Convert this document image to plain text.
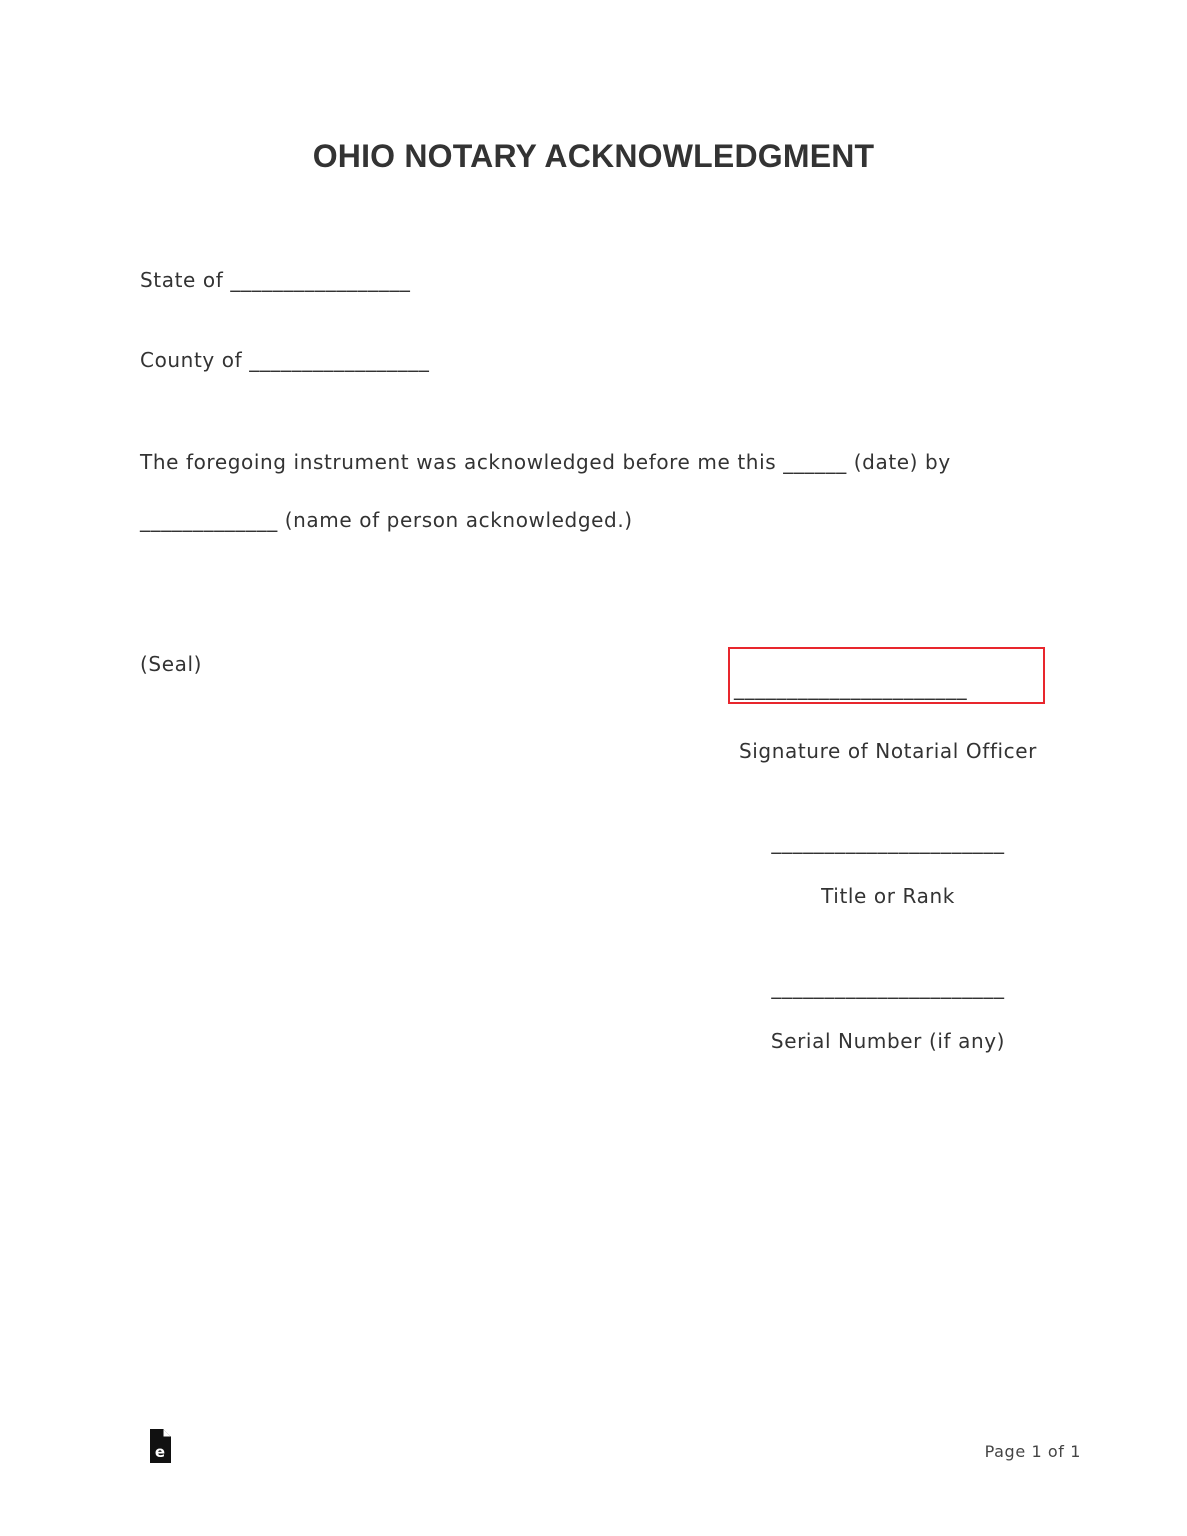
OHIO NOTARY ACKNOWLEDGMENT
State of _________________
County of _________________
The foregoing instrument was acknowledged before me this ______ (date) by
_____________ (name of person acknowledged.)
(Seal)
______________________
Signature of Notarial Officer
______________________
Title or Rank
______________________
Serial Number (if any)
e	Page 1 of 1
